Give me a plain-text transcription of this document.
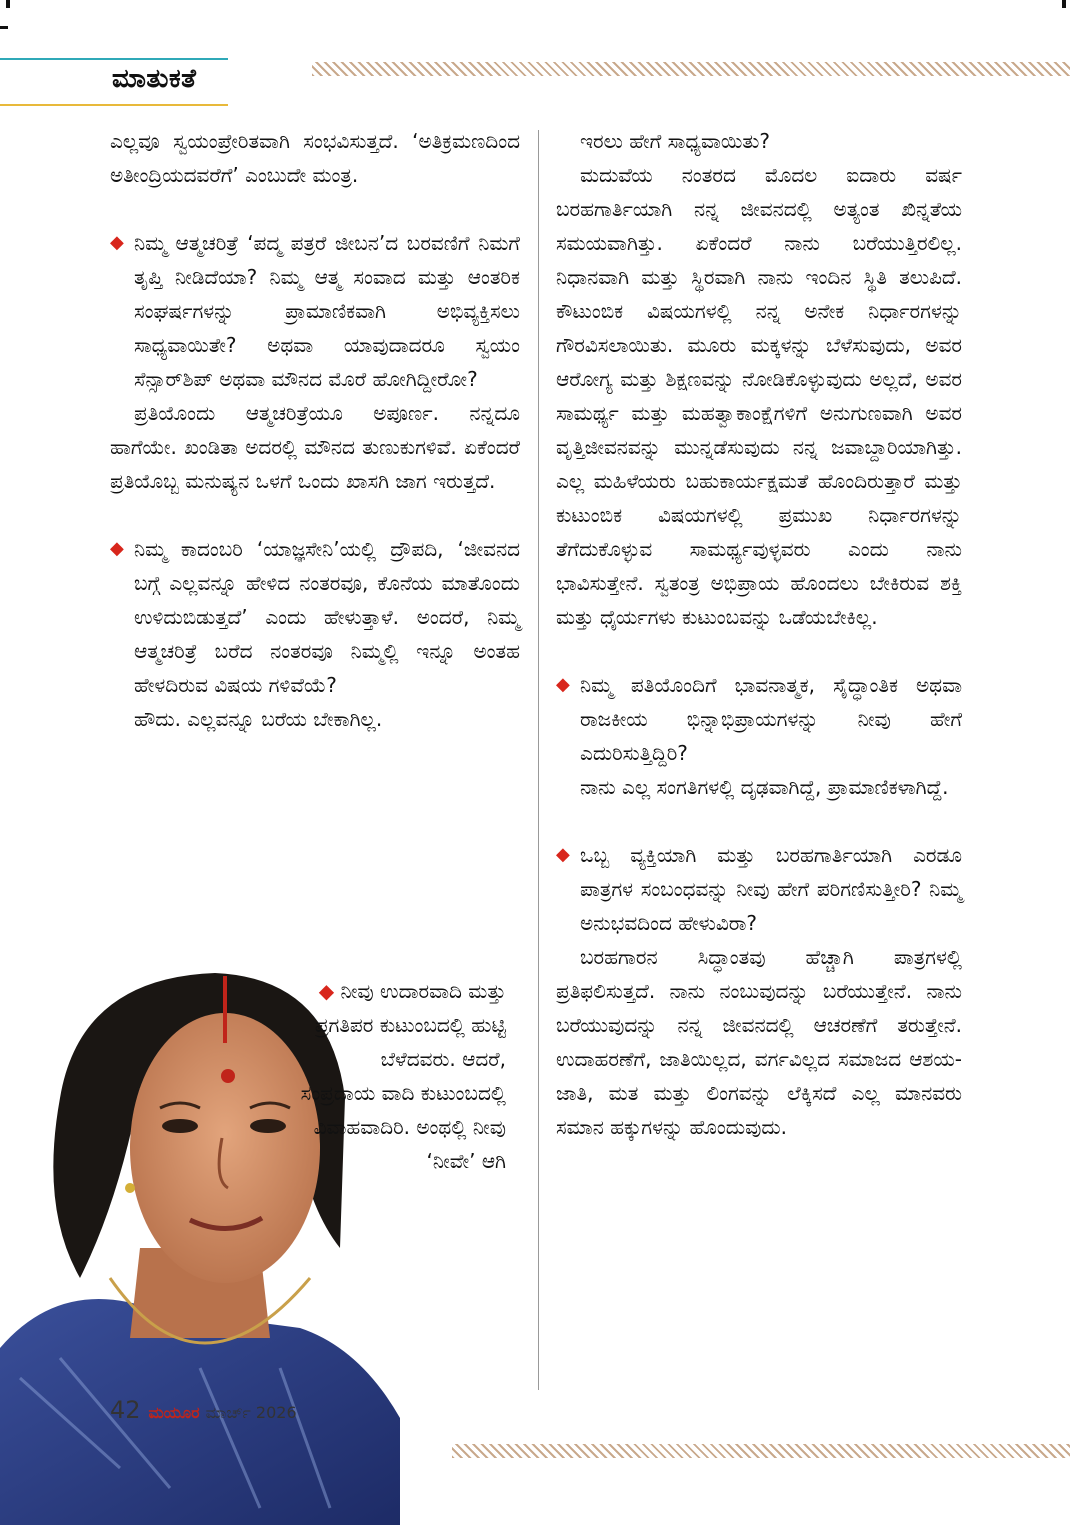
ಮಾತುಕತೆ

ಎಲ್ಲವೂ ಸ್ವಯಂಪ್ರೇರಿತವಾಗಿ ಸಂಭವಿಸುತ್ತದೆ. ‘ಅತಿಕ್ರಮಣದಿಂದ ಅತೀಂದ್ರಿಯದವರೆಗೆ’ ಎಂಬುದೇ ಮಂತ್ರ.

◆ ನಿಮ್ಮ ಆತ್ಮಚರಿತ್ರೆ ‘ಪದ್ಮ ಪತ್ರರೆ ಜೀಬನ’ದ ಬರವಣಿಗೆ ನಿಮಗೆ ತೃಪ್ತಿ ನೀಡಿದೆಯಾ? ನಿಮ್ಮ ಆತ್ಮ ಸಂವಾದ ಮತ್ತು ಆಂತರಿಕ ಸಂಘರ್ಷಗಳನ್ನು ಪ್ರಾಮಾಣಿಕವಾಗಿ ಅಭಿವ್ಯಕ್ತಿಸಲು ಸಾಧ್ಯವಾಯಿತೇ? ಅಥವಾ ಯಾವುದಾದರೂ ಸ್ವಯಂ ಸೆನ್ಸಾರ್‌ಶಿಪ್ ಅಥವಾ ಮೌನದ ಮೊರೆ ಹೋಗಿದ್ದೀರೋ?

ಪ್ರತಿಯೊಂದು ಆತ್ಮಚರಿತ್ರೆಯೂ ಅಪೂರ್ಣ. ನನ್ನದೂ ಹಾಗೆಯೇ. ಖಂಡಿತಾ ಅದರಲ್ಲಿ ಮೌನದ ತುಣುಕುಗಳಿವೆ. ಏಕೆಂದರೆ ಪ್ರತಿಯೊಬ್ಬ ಮನುಷ್ಯನ ಒಳಗೆ ಒಂದು ಖಾಸಗಿ ಜಾಗ ಇರುತ್ತದೆ.

◆ ನಿಮ್ಮ ಕಾದಂಬರಿ ‘ಯಾಜ್ಞಸೇನಿ’ಯಲ್ಲಿ ದ್ರೌಪದಿ, ‘ಜೀವನದ ಬಗ್ಗೆ ಎಲ್ಲವನ್ನೂ ಹೇಳಿದ ನಂತರವೂ, ಕೊನೆಯ ಮಾತೊಂದು ಉಳಿದುಬಿಡುತ್ತದೆ’ ಎಂದು ಹೇಳುತ್ತಾಳೆ. ಅಂದರೆ, ನಿಮ್ಮ ಆತ್ಮಚರಿತ್ರೆ ಬರೆದ ನಂತರವೂ ನಿಮ್ಮಲ್ಲಿ ಇನ್ನೂ ಅಂತಹ ಹೇಳದಿರುವ ವಿಷಯ ಗಳಿವೆಯೆ?

ಹೌದು. ಎಲ್ಲವನ್ನೂ ಬರೆಯ ಬೇಕಾಗಿಲ್ಲ.

◆ ನೀವು ಉದಾರವಾದಿ ಮತ್ತು ಪ್ರಗತಿಪರ ಕುಟುಂಬದಲ್ಲಿ ಹುಟ್ಟಿ ಬೆಳೆದವರು. ಆದರೆ, ಸಂಪ್ರದಾಯ ವಾದಿ ಕುಟುಂಬದಲ್ಲಿ ವಿವಾಹವಾದಿರಿ. ಅಂಥಲ್ಲಿ ನೀವು ‘ನೀವೇ’ ಆಗಿ

ಇರಲು ಹೇಗೆ ಸಾಧ್ಯವಾಯಿತು?

ಮದುವೆಯ ನಂತರದ ಮೊದಲ ಐದಾರು ವರ್ಷ ಬರಹಗಾರ್ತಿಯಾಗಿ ನನ್ನ ಜೀವನದಲ್ಲಿ ಅತ್ಯಂತ ಖಿನ್ನತೆಯ ಸಮಯವಾಗಿತ್ತು. ಏಕೆಂದರೆ ನಾನು ಬರೆಯುತ್ತಿರಲಿಲ್ಲ. ನಿಧಾನವಾಗಿ ಮತ್ತು ಸ್ಥಿರವಾಗಿ ನಾನು ಇಂದಿನ ಸ್ಥಿತಿ ತಲುಪಿದೆ. ಕೌಟುಂಬಿಕ ವಿಷಯಗಳಲ್ಲಿ ನನ್ನ ಅನೇಕ ನಿರ್ಧಾರಗಳನ್ನು ಗೌರವಿಸಲಾಯಿತು. ಮೂರು ಮಕ್ಕಳನ್ನು ಬೆಳೆಸುವುದು, ಅವರ ಆರೋಗ್ಯ ಮತ್ತು ಶಿಕ್ಷಣವನ್ನು ನೋಡಿಕೊಳ್ಳುವುದು ಅಲ್ಲದೆ, ಅವರ ಸಾಮರ್ಥ್ಯ ಮತ್ತು ಮಹತ್ವಾಕಾಂಕ್ಷೆಗಳಿಗೆ ಅನುಗುಣವಾಗಿ ಅವರ ವೃತ್ತಿಜೀವನವನ್ನು ಮುನ್ನಡೆಸುವುದು ನನ್ನ ಜವಾಬ್ದಾರಿಯಾಗಿತ್ತು. ಎಲ್ಲ ಮಹಿಳೆಯರು ಬಹುಕಾರ್ಯಕ್ಷಮತೆ ಹೊಂದಿರುತ್ತಾರೆ ಮತ್ತು ಕುಟುಂಬಿಕ ವಿಷಯಗಳಲ್ಲಿ ಪ್ರಮುಖ ನಿರ್ಧಾರಗಳನ್ನು ತೆಗೆದುಕೊಳ್ಳುವ ಸಾಮರ್ಥ್ಯವುಳ್ಳವರು ಎಂದು ನಾನು ಭಾವಿಸುತ್ತೇನೆ. ಸ್ವತಂತ್ರ ಅಭಿಪ್ರಾಯ ಹೊಂದಲು ಬೇಕಿರುವ ಶಕ್ತಿ ಮತ್ತು ಧೈರ್ಯಗಳು ಕುಟುಂಬವನ್ನು ಒಡೆಯಬೇಕಿಲ್ಲ.

◆ ನಿಮ್ಮ ಪತಿಯೊಂದಿಗೆ ಭಾವನಾತ್ಮಕ, ಸೈದ್ಧಾಂತಿಕ ಅಥವಾ ರಾಜಕೀಯ ಭಿನ್ನಾಭಿಪ್ರಾಯಗಳನ್ನು ನೀವು ಹೇಗೆ ಎದುರಿಸುತ್ತಿದ್ದಿರಿ?

ನಾನು ಎಲ್ಲ ಸಂಗತಿಗಳಲ್ಲಿ ದೃಢವಾಗಿದ್ದೆ, ಪ್ರಾಮಾಣಿಕಳಾಗಿದ್ದೆ.

◆ ಒಬ್ಬ ವ್ಯಕ್ತಿಯಾಗಿ ಮತ್ತು ಬರಹಗಾರ್ತಿಯಾಗಿ ಎರಡೂ ಪಾತ್ರಗಳ ಸಂಬಂಧವನ್ನು ನೀವು ಹೇಗೆ ಪರಿಗಣಿಸುತ್ತೀರಿ? ನಿಮ್ಮ ಅನುಭವದಿಂದ ಹೇಳುವಿರಾ?

ಬರಹಗಾರನ ಸಿದ್ಧಾಂತವು ಹೆಚ್ಚಾಗಿ ಪಾತ್ರಗಳಲ್ಲಿ ಪ್ರತಿಫಲಿಸುತ್ತದೆ. ನಾನು ನಂಬುವುದನ್ನು ಬರೆಯುತ್ತೇನೆ. ನಾನು ಬರೆಯುವುದನ್ನು ನನ್ನ ಜೀವನದಲ್ಲಿ ಆಚರಣೆಗೆ ತರುತ್ತೇನೆ. ಉದಾಹರಣೆಗೆ, ಜಾತಿಯಿಲ್ಲದ, ವರ್ಗವಿಲ್ಲದ ಸಮಾಜದ ಆಶಯ- ಜಾತಿ, ಮತ ಮತ್ತು ಲಿಂಗವನ್ನು ಲೆಕ್ಕಿಸದೆ ಎಲ್ಲ ಮಾನವರು ಸಮಾನ ಹಕ್ಕುಗಳನ್ನು ಹೊಂದುವುದು.

42 ಮಯೂರ ಮಾರ್ಚ್ 2026
